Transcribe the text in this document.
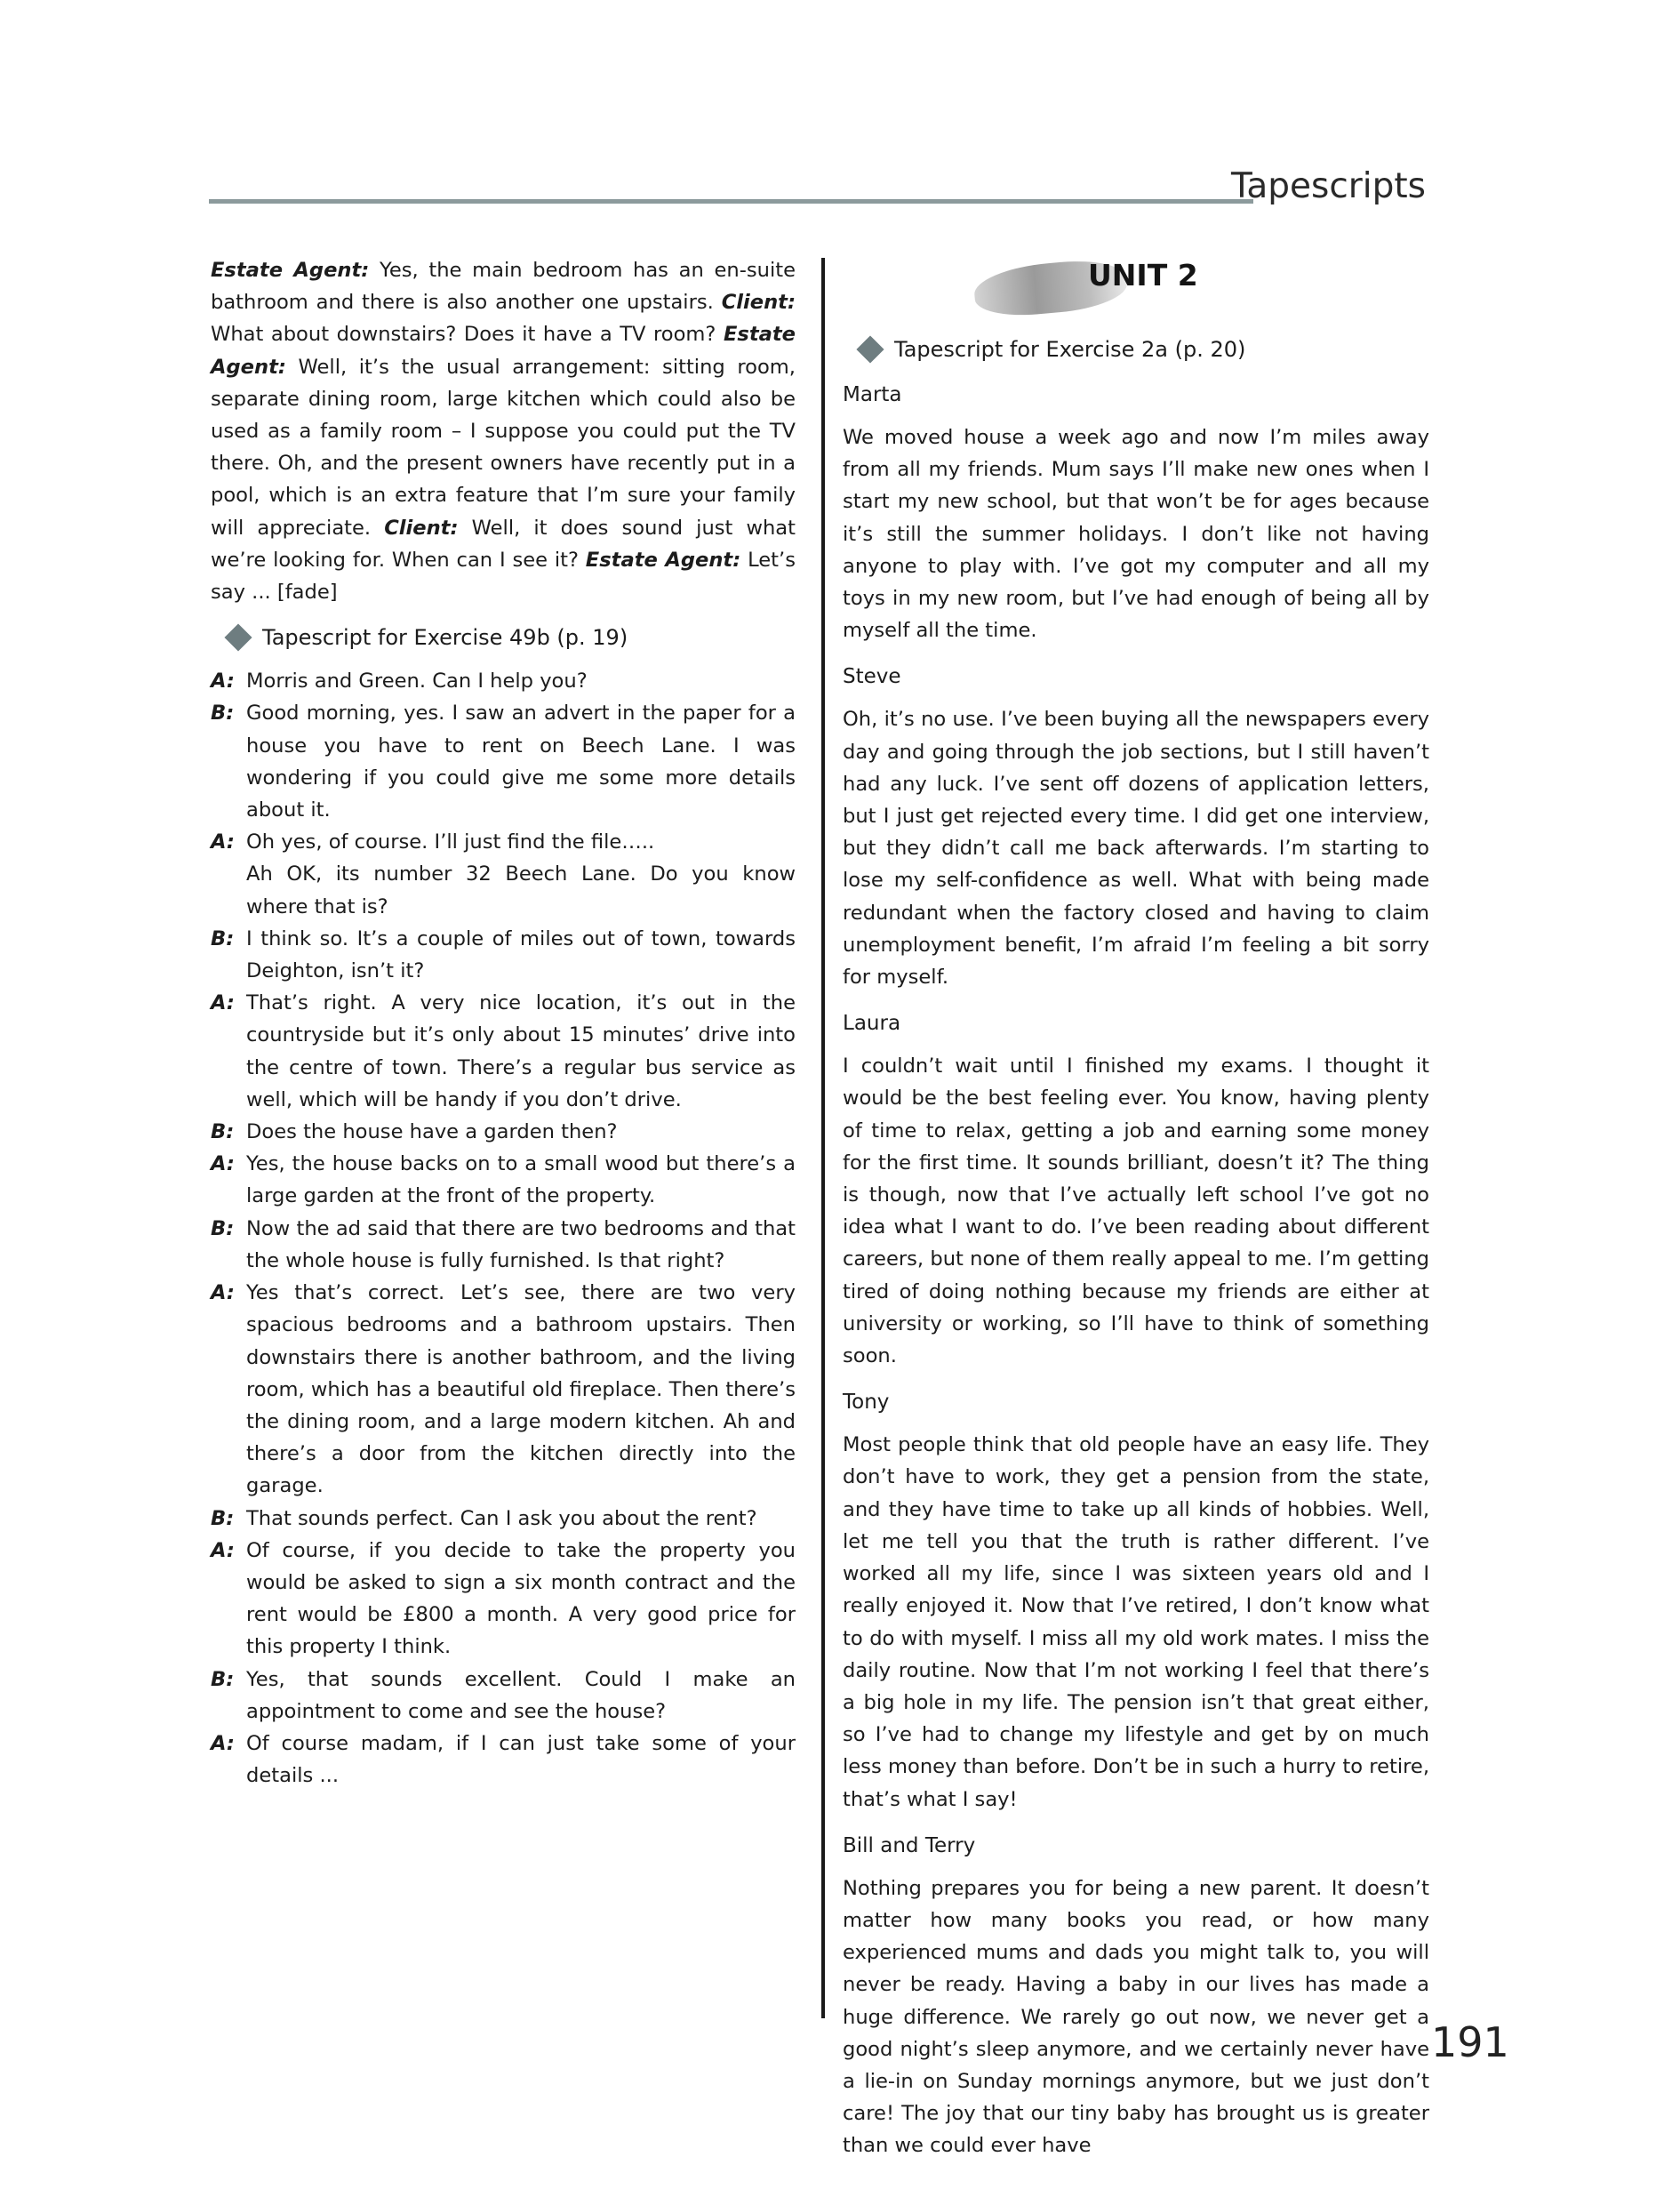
Tapescripts
Estate Agent: Yes, the main bedroom has an en-suite bathroom and there is also another one upstairs. Client: What about downstairs? Does it have a TV room? Estate Agent: Well, it’s the usual arrangement: sitting room, separate dining room, large kitchen which could also be used as a family room – I suppose you could put the TV there. Oh, and the present owners have recently put in a pool, which is an extra feature that I’m sure your family will appreciate. Client: Well, it does sound just what we’re looking for. When can I see it? Estate Agent: Let’s say ... [fade]
Tapescript for Exercise 49b (p. 19)
A: Morris and Green. Can I help you?
B: Good morning, yes. I saw an advert in the paper for a house you have to rent on Beech Lane. I was wondering if you could give me some more details about it.
A: Oh yes, of course. I’ll just find the file…..
Ah OK, its number 32 Beech Lane. Do you know where that is?
B: I think so. It’s a couple of miles out of town, towards Deighton, isn’t it?
A: That’s right. A very nice location, it’s out in the countryside but it’s only about 15 minutes’ drive into the centre of town. There’s a regular bus service as well, which will be handy if you don’t drive.
B: Does the house have a garden then?
A: Yes, the house backs on to a small wood but there’s a large garden at the front of the property.
B: Now the ad said that there are two bedrooms and that the whole house is fully furnished. Is that right?
A: Yes that’s correct. Let’s see, there are two very spacious bedrooms and a bathroom upstairs. Then downstairs there is another bathroom, and the living room, which has a beautiful old fireplace. Then there’s the dining room, and a large modern kitchen. Ah and there’s a door from the kitchen directly into the garage.
B: That sounds perfect. Can I ask you about the rent?
A: Of course, if you decide to take the property you would be asked to sign a six month contract and the rent would be £800 a month. A very good price for this property I think.
B: Yes, that sounds excellent. Could I make an appointment to come and see the house?
A: Of course madam, if I can just take some of your details ...
UNIT 2
Tapescript for Exercise 2a (p. 20)
Marta

We moved house a week ago and now I’m miles away from all my friends. Mum says I’ll make new ones when I start my new school, but that won’t be for ages because it’s still the summer holidays. I don’t like not having anyone to play with. I’ve got my computer and all my toys in my new room, but I’ve had enough of being all by myself all the time.

Steve

Oh, it’s no use. I’ve been buying all the newspapers every day and going through the job sections, but I still haven’t had any luck. I’ve sent off dozens of application letters, but I just get rejected every time. I did get one interview, but they didn’t call me back afterwards. I’m starting to lose my self-confidence as well. What with being made redundant when the factory closed and having to claim unemployment benefit, I’m afraid I’m feeling a bit sorry for myself.

Laura

I couldn’t wait until I finished my exams. I thought it would be the best feeling ever. You know, having plenty of time to relax, getting a job and earning some money for the first time. It sounds brilliant, doesn’t it? The thing is though, now that I’ve actually left school I’ve got no idea what I want to do. I’ve been reading about different careers, but none of them really appeal to me. I’m getting tired of doing nothing because my friends are either at university or working, so I’ll have to think of something soon.

Tony

Most people think that old people have an easy life. They don’t have to work, they get a pension from the state, and they have time to take up all kinds of hobbies. Well, let me tell you that the truth is rather different. I’ve worked all my life, since I was sixteen years old and I really enjoyed it. Now that I’ve retired, I don’t know what to do with myself. I miss all my old work mates. I miss the daily routine. Now that I’m not working I feel that there’s a big hole in my life. The pension isn’t that great either, so I’ve had to change my lifestyle and get by on much less money than before. Don’t be in such a hurry to retire, that’s what I say!

Bill and Terry

Nothing prepares you for being a new parent. It doesn’t matter how many books you read, or how many experienced mums and dads you might talk to, you will never be ready. Having a baby in our lives has made a huge difference. We rarely go out now, we never get a good night’s sleep anymore, and we certainly never have a lie-in on Sunday mornings anymore, but we just don’t care! The joy that our tiny baby has brought us is greater than we could ever have

191
